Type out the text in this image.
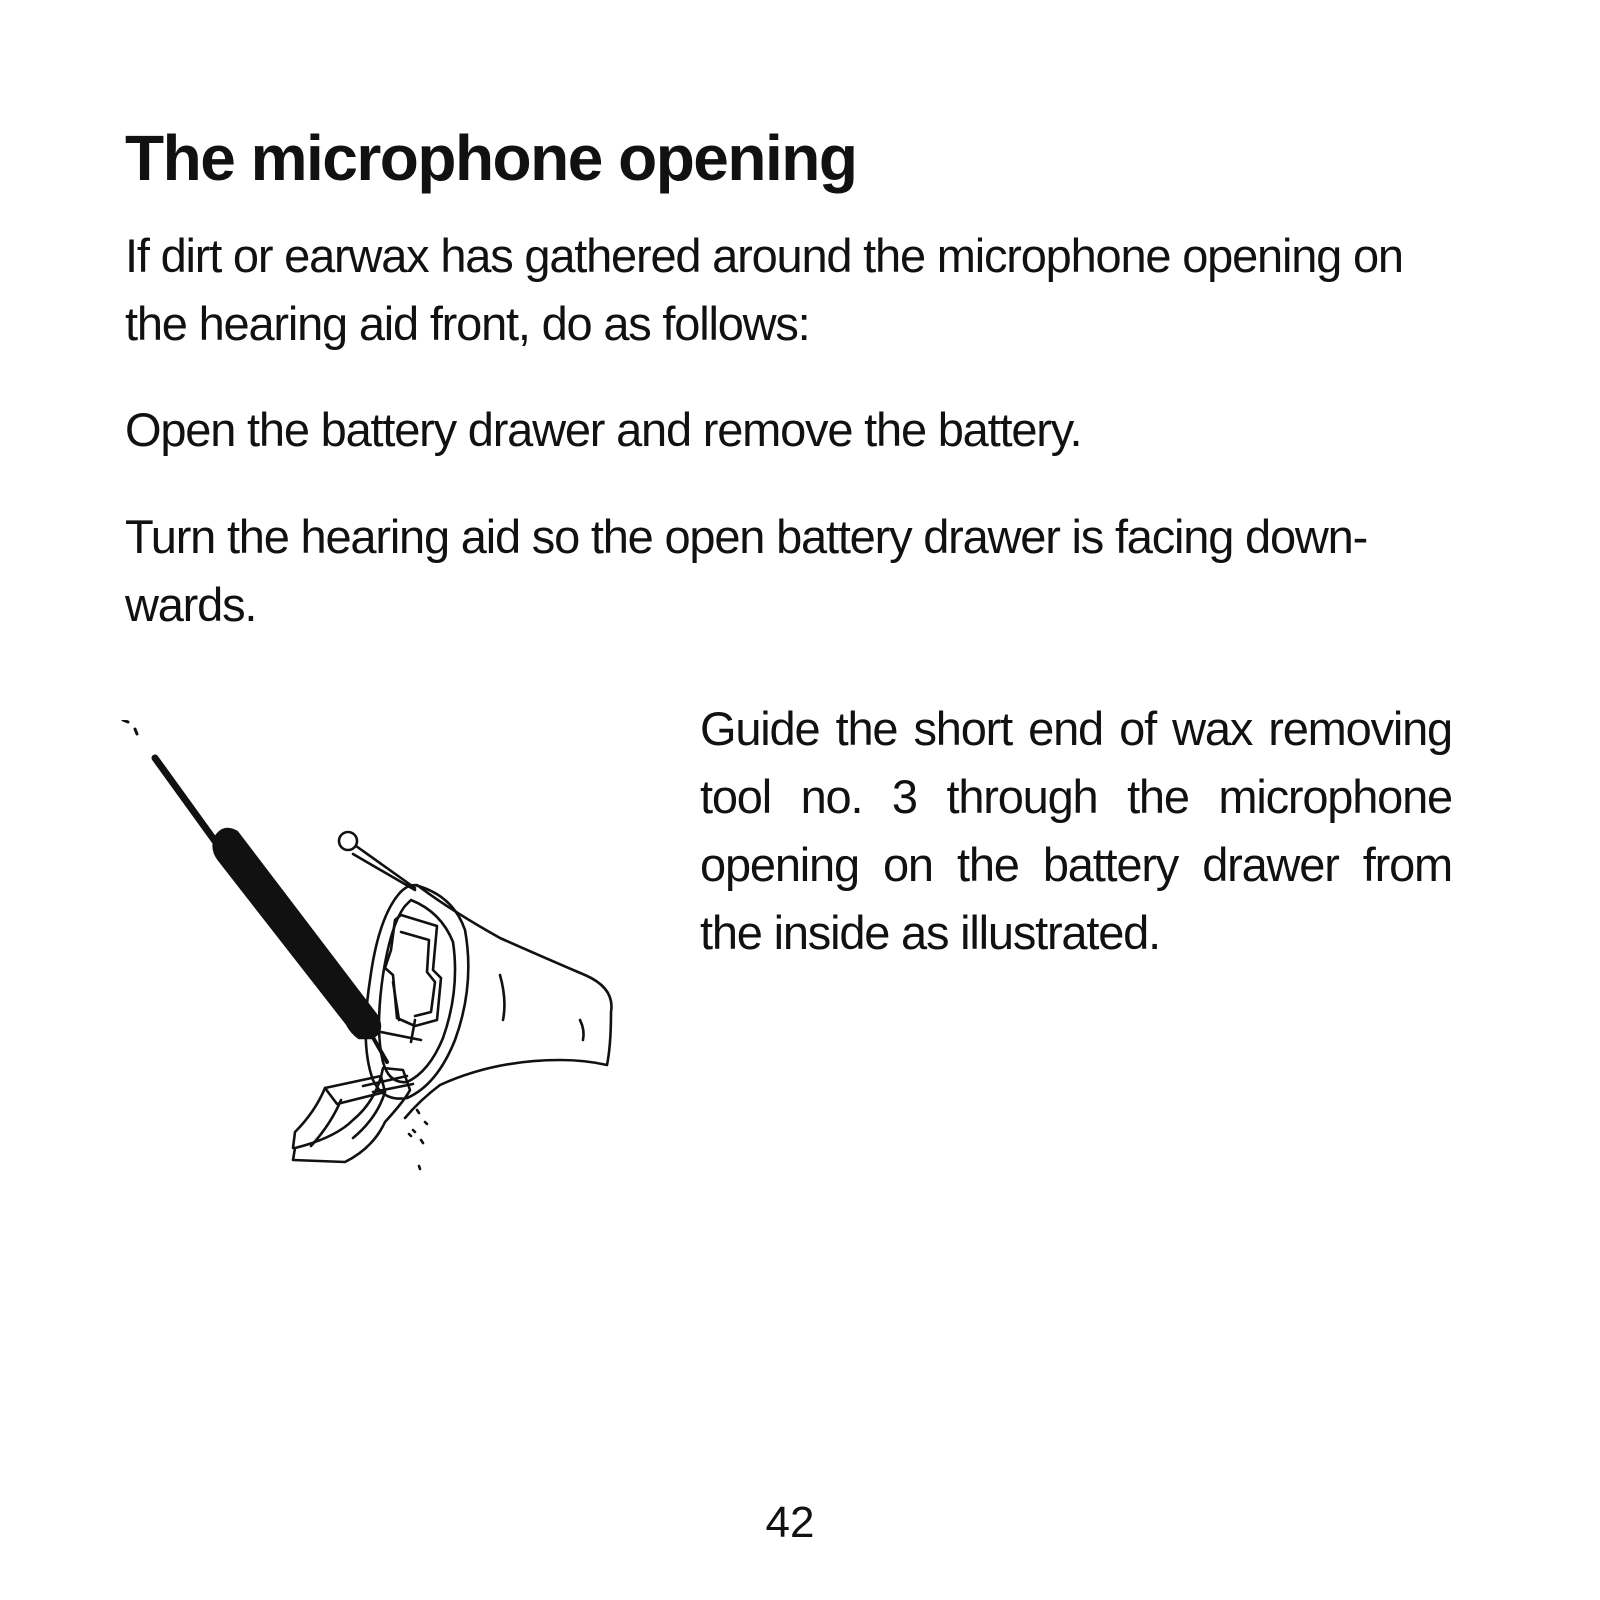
The microphone opening

If dirt or earwax has gathered around the microphone opening on
the hearing aid front, do as follows:

Open the battery drawer and remove the battery.

Turn the hearing aid so the open battery drawer is facing down-
wards.

Guide the short end of wax removing
tool no. 3 through the microphone
opening on the battery drawer from
the inside as illustrated.

42
